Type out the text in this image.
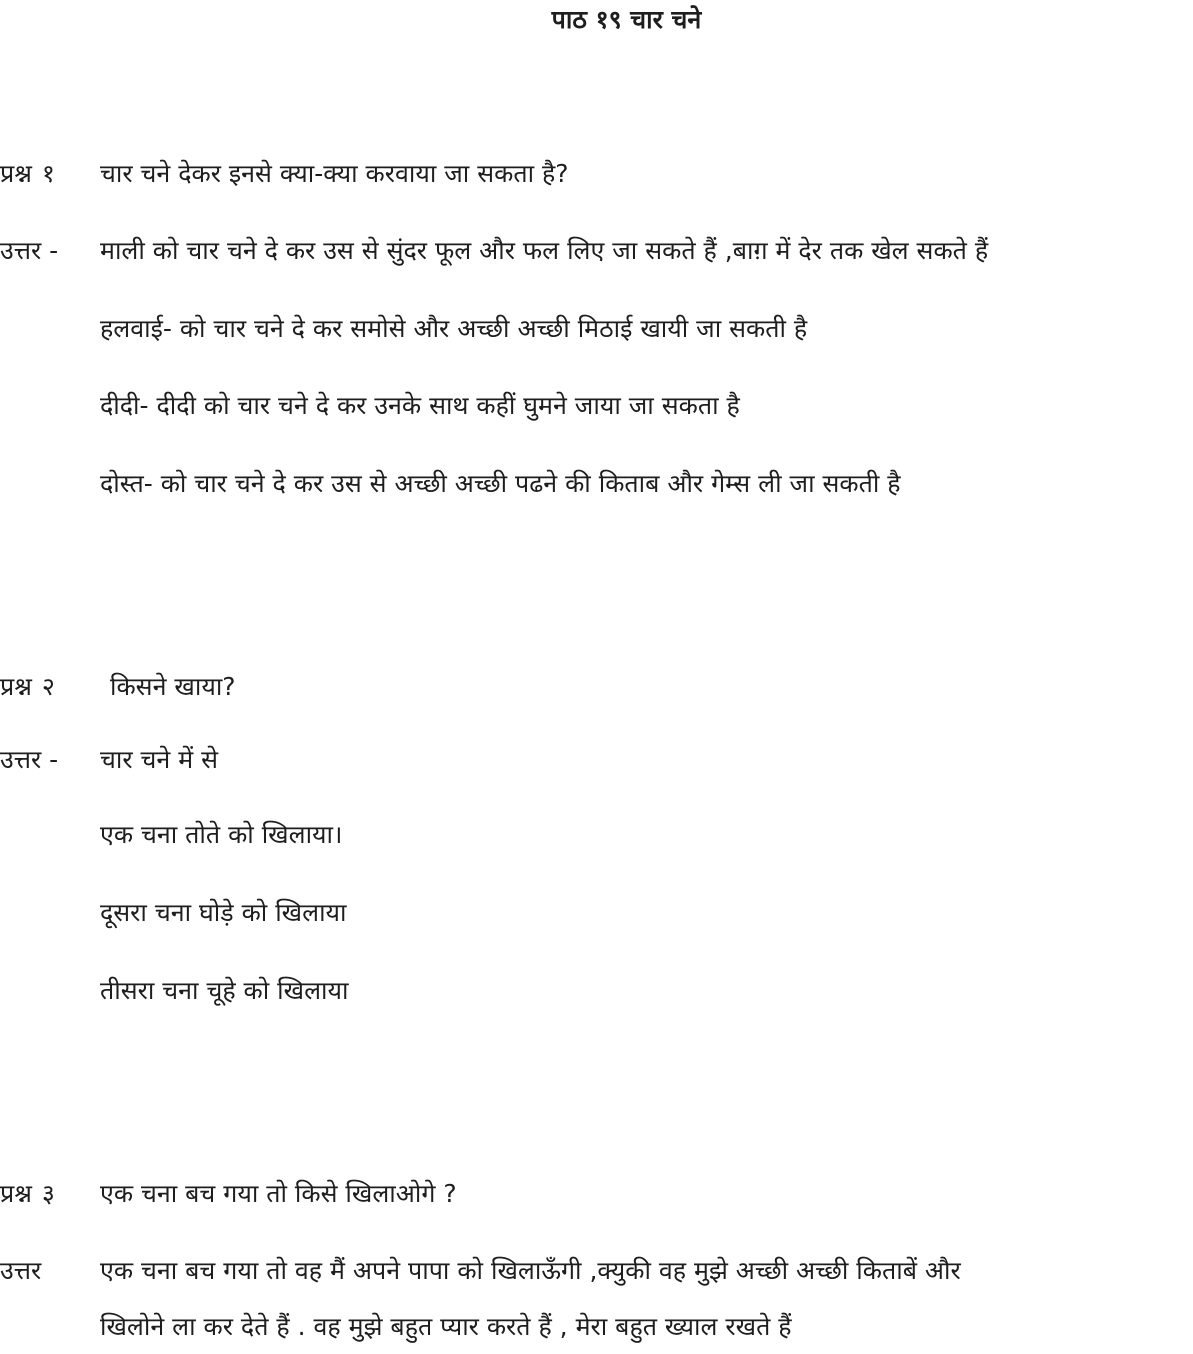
पाठ १९ चार चने
प्रश्न १ चार चने देकर इनसे क्या-क्या करवाया जा सकता है?
उत्तर - माली को चार चने दे कर उस से सुंदर फूल और फल लिए जा सकते हैं ,बाग़ में देर तक खेल सकते हैं
हलवाई- को चार चने दे कर समोसे और अच्छी अच्छी मिठाई खायी जा सकती है
दीदी- दीदी को चार चने दे कर उनके साथ कहीं घुमने जाया जा सकता है
दोस्त- को चार चने दे कर उस से अच्छी अच्छी पढने की किताब और गेम्स ली जा सकती है
प्रश्न २ किसने खाया?
उत्तर - चार चने में से
एक चना तोते को खिलाया।
दूसरा चना घोड़े को खिलाया
तीसरा चना चूहे को खिलाया
प्रश्न ३ एक चना बच गया तो किसे खिलाओगे ?
उत्तर एक चना बच गया तो वह मैं अपने पापा को खिलाऊँगी ,क्युकी वह मुझे अच्छी अच्छी किताबें और
खिलोने ला कर देते हैं . वह मुझे बहुत प्यार करते हैं , मेरा बहुत ख्याल रखते हैं
